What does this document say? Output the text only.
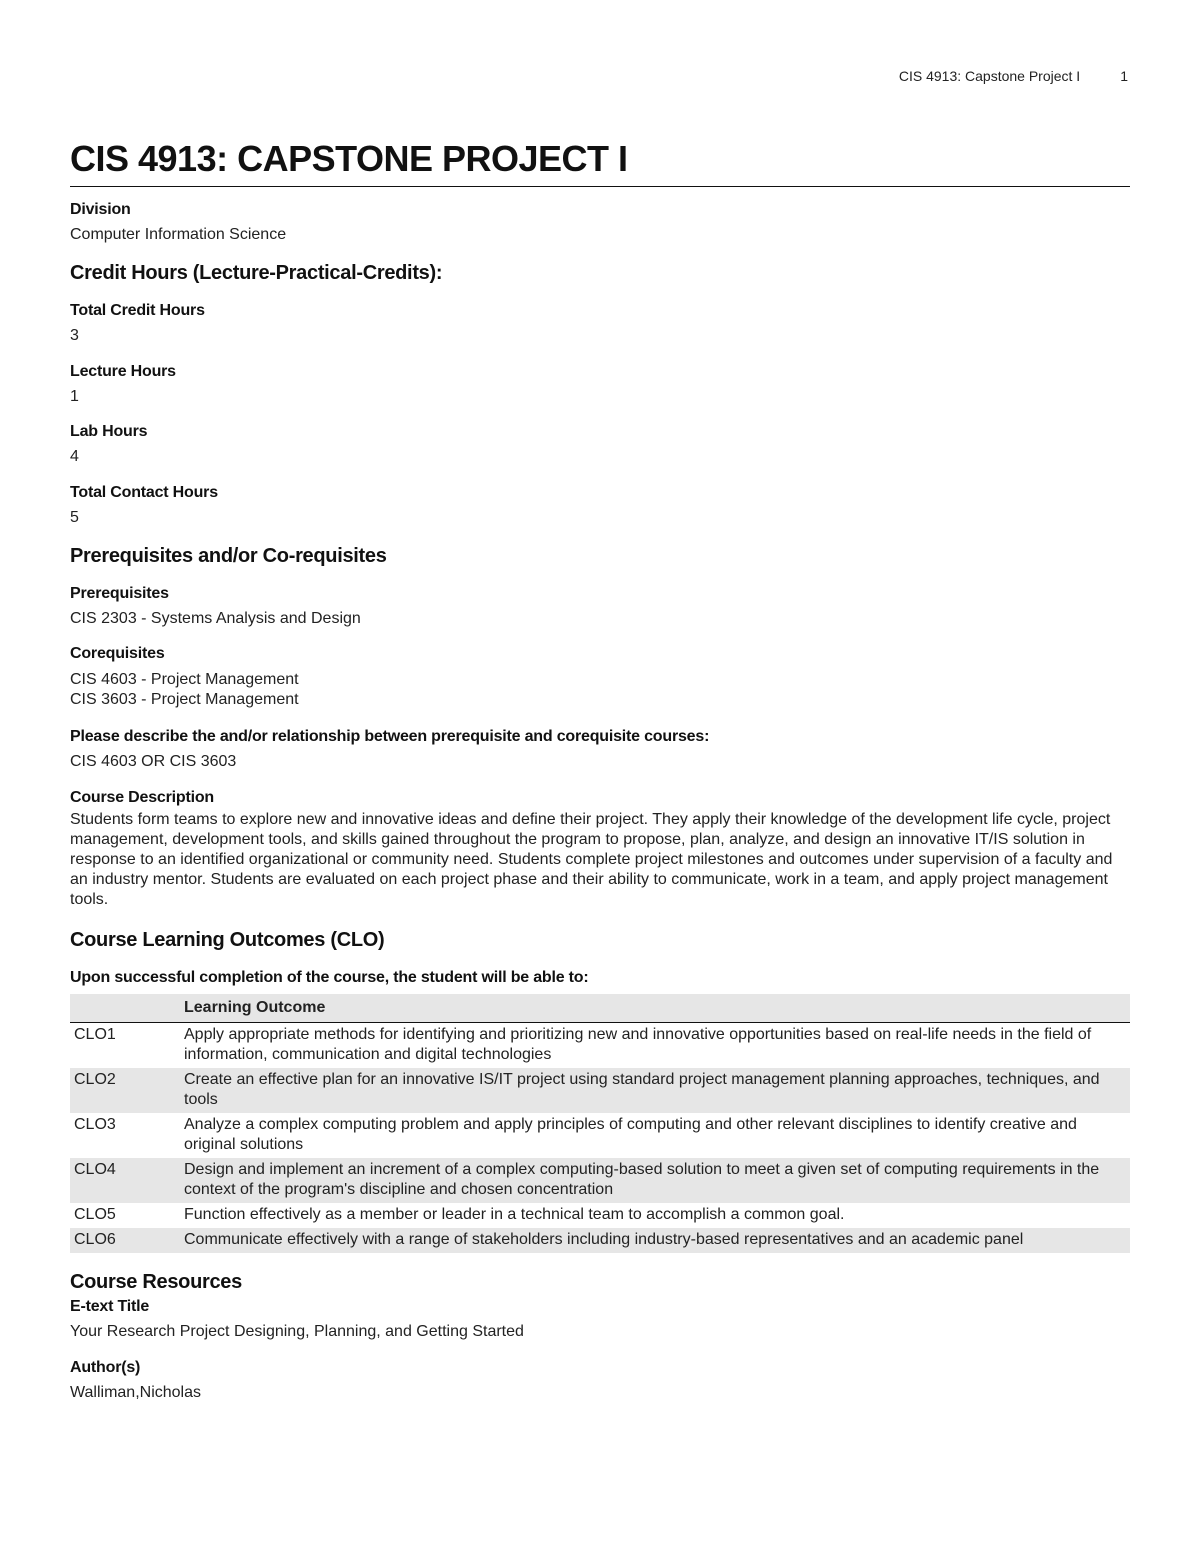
CIS 4913: Capstone Project I	1
CIS 4913: CAPSTONE PROJECT I

Division

Computer Information Science

Credit Hours (Lecture-Practical-Credits):

Total Credit Hours

3

Lecture Hours

1

Lab Hours

4

Total Contact Hours

5

Prerequisites and/or Co-requisites

Prerequisites

CIS 2303 - Systems Analysis and Design

Corequisites

CIS 4603 - Project Management

CIS 3603 - Project Management

Please describe the and/or relationship between prerequisite and corequisite courses:

CIS 4603 OR CIS 3603

Course Description

Students form teams to explore new and innovative ideas and define their project. They apply their knowledge of the development life cycle, project management, development tools, and skills gained throughout the program to propose, plan, analyze, and design an innovative IT/IS solution in response to an identified organizational or community need. Students complete project milestones and outcomes under supervision of a faculty and an industry mentor. Students are evaluated on each project phase and their ability to communicate, work in a team, and apply project management tools.

Course Learning Outcomes (CLO)

Upon successful completion of the course, the student will be able to:

	Learning Outcome
CLO1	Apply appropriate methods for identifying and prioritizing new and innovative opportunities based on real-life needs in the field of information, communication and digital technologies
CLO2	Create an effective plan for an innovative IS/IT project using standard project management planning approaches, techniques, and tools
CLO3	Analyze a complex computing problem and apply principles of computing and other relevant disciplines to identify creative and original solutions
CLO4	Design and implement an increment of a complex computing-based solution to meet a given set of computing requirements in the context of the program's discipline and chosen concentration
CLO5	Function effectively as a member or leader in a technical team to accomplish a common goal.
CLO6	Communicate effectively with a range of stakeholders including industry-based representatives and an academic panel

Course Resources

E-text Title

Your Research Project Designing, Planning, and Getting Started

Author(s)

Walliman,Nicholas
